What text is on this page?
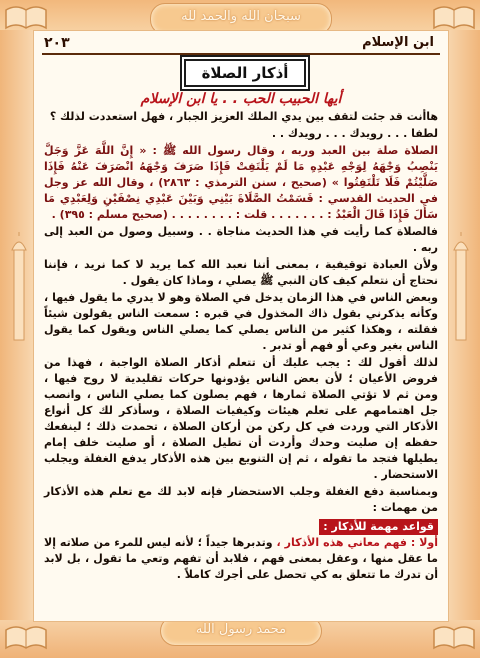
سبحان الله والحمد لله
محمد رسول الله
٢٠٣	ابن الإسلام
أذكار الصلاة
أيها الحبيب الحب . . يا ابن الإسلام

هاأنت قد جئت لتقف بين يدي الملك العزيز الجبار ، فهل استعددت لذلك ؟

لطفا . . . رويدك . . . رويدك . .

الصلاة صلة بين العبد وربه ، وقال رسول الله ﷺ : « إِنَّ اللَّهَ عَزَّ وَجَلَّ يَنْصِبُ وَجْهَهُ لِوَجْهِ عَبْدِهِ مَا لَمْ يَلْتَفِتْ فَإِذَا صَرَفَ وَجْهَهُ انْصَرَفَ عَنْهُ فَإِذَا صَلَّيْتُمْ فَلَا تَلْتَفِتُوا » (صحيح ، سنن الترمذي : ٢٨٦٣) ، وقال الله عز وجل في الحديث القدسي : قَسَمْتُ الصَّلَاةَ بَيْنِي وَبَيْنَ عَبْدِي نِصْفَيْنِ وَلِعَبْدِي مَا سَأَلَ فَإِذَا قَالَ الْعَبْدُ : . . . . . . . قلت : . . . . . . . . (صحيح مسلم : ٣٩٥) .

فالصلاة كما رأيت في هذا الحديث مناجاة . . وسبيل وصول من العبد إلى ربه .

ولأن العبادة توقيفية ، بمعنى أننا نعبد الله كما يريد لا كما نريد ، فإننا نحتاج أن نتعلم كيف كان النبي ﷺ يصلي ، وماذا كان يقول .

وبعض الناس في هذا الزمان يدخل في الصلاة وهو لا يدري ما يقول فيها ، وكأنه يذكرني بقول ذاك المخذول في قبره : سمعت الناس يقولون شيئاً فقلته ، وهكذا كثير من الناس يصلي كما يصلي الناس ويقول كما يقول الناس بغير وعي أو فهم أو تدبر .

لذلك أقول لك : يجب عليك أن تتعلم أذكار الصلاة الواجبة ، فهذا من فروض الأعيان ؛ لأن بعض الناس يؤدونها حركات تقليدية لا روح فيها ، ومن ثم لا تؤتي الصلاة ثمارها ، فهم يصلون كما يصلي الناس ، وانصب جل اهتمامهم على تعلم هيئات وكيفيات الصلاة ، وسأذكر لك كل أنواع الأذكار التي وردت في كل ركن من أركان الصلاة ، تحمدت ذلك ؛ لينفعك حفظه إن صليت وحدك وأردت أن تطيل الصلاة ، أو صليت خلف إمام يطيلها فتجد ما تقوله ، ثم إن التنويع بين هذه الأذكار يدفع الغفلة ويجلب الاستحضار .

وبمناسبة دفع الغفلة وجلب الاستحضار فإنه لابد لك مع تعلم هذه الأذكار من مهمات :

قواعد مهمة للأذكار :

أولا : فهم معاني هذه الأذكار ، وتدبرها جيداً ؛ لأنه ليس للمرء من صلاته إلا ما عقل منها ، وعقل بمعنى فهم ، فلابد أن تفهم وتعي ما تقول ، بل لابد أن تدرك ما تتعلق به كي تحصل على أجرك كاملاً .
